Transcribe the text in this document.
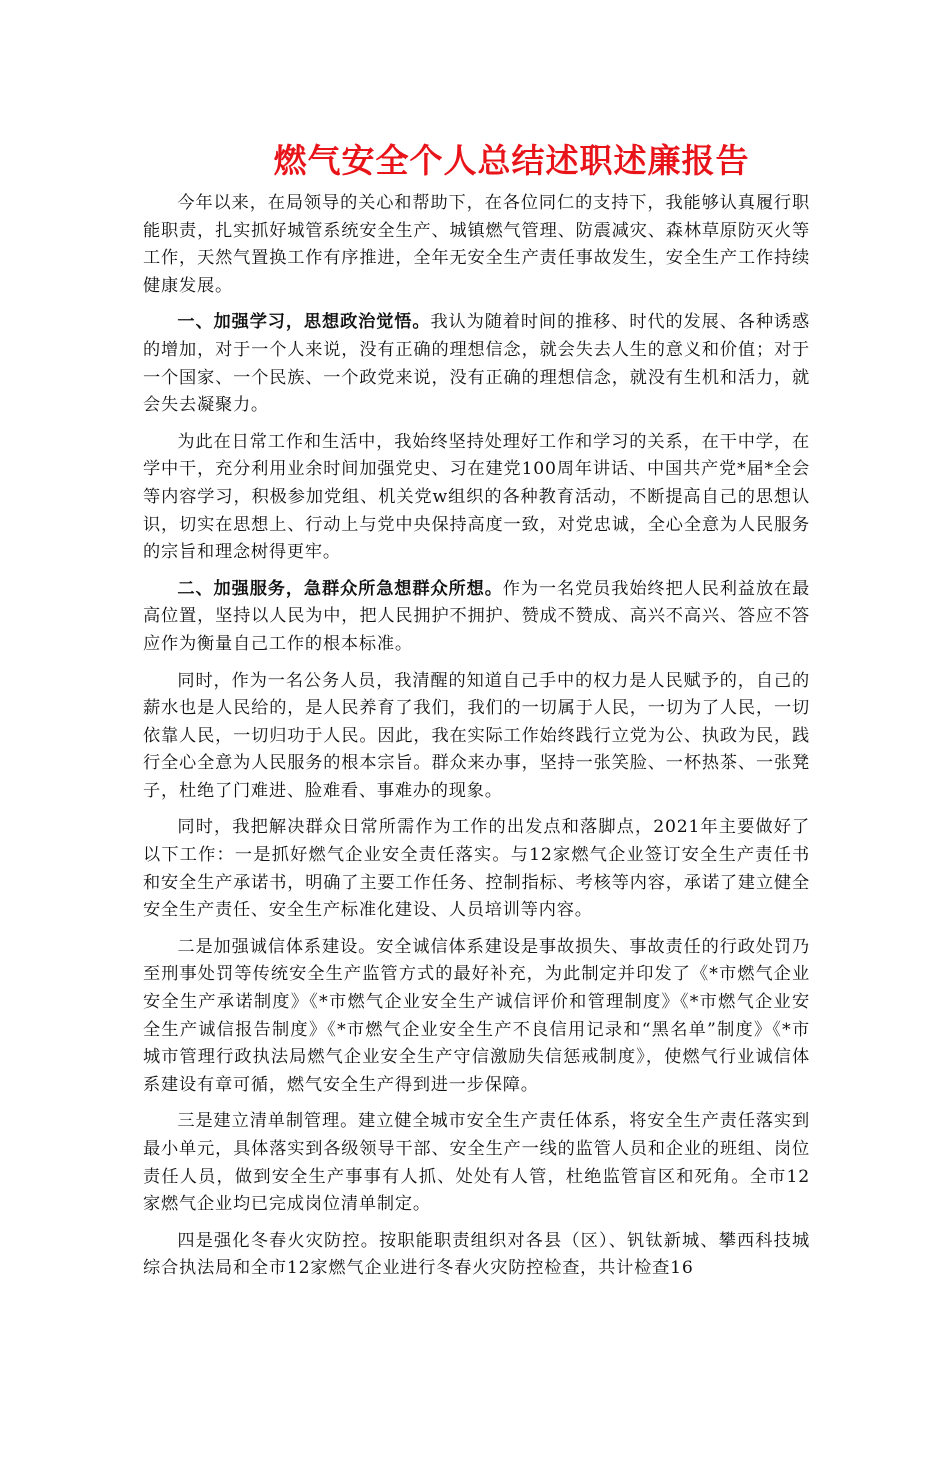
燃气安全个人总结述职述廉报告

今年以来，在局领导的关心和帮助下，在各位同仁的支持下，我能够认真履行职能职责，扎实抓好城管系统安全生产、城镇燃气管理、防震减灾、森林草原防灭火等工作，天然气置换工作有序推进，全年无安全生产责任事故发生，安全生产工作持续健康发展。

一、加强学习，思想政治觉悟。我认为随着时间的推移、时代的发展、各种诱惑的增加，对于一个人来说，没有正确的理想信念，就会失去人生的意义和价值；对于一个国家、一个民族、一个政党来说，没有正确的理想信念，就没有生机和活力，就会失去凝聚力。

为此在日常工作和生活中，我始终坚持处理好工作和学习的关系，在干中学，在学中干，充分利用业余时间加强党史、习在建党100周年讲话、中国共产党*届*全会等内容学习，积极参加党组、机关党w组织的各种教育活动，不断提高自己的思想认识，切实在思想上、行动上与党中央保持高度一致，对党忠诚，全心全意为人民服务的宗旨和理念树得更牢。

二、加强服务，急群众所急想群众所想。作为一名党员我始终把人民利益放在最高位置，坚持以人民为中，把人民拥护不拥护、赞成不赞成、高兴不高兴、答应不答应作为衡量自己工作的根本标准。

同时，作为一名公务人员，我清醒的知道自己手中的权力是人民赋予的，自己的薪水也是人民给的，是人民养育了我们，我们的一切属于人民，一切为了人民，一切依靠人民，一切归功于人民。因此，我在实际工作始终践行立党为公、执政为民，践行全心全意为人民服务的根本宗旨。群众来办事，坚持一张笑脸、一杯热茶、一张凳子，杜绝了门难进、脸难看、事难办的现象。

同时，我把解决群众日常所需作为工作的出发点和落脚点，2021年主要做好了以下工作：一是抓好燃气企业安全责任落实。与12家燃气企业签订安全生产责任书和安全生产承诺书，明确了主要工作任务、控制指标、考核等内容，承诺了建立健全安全生产责任、安全生产标准化建设、人员培训等内容。

二是加强诚信体系建设。安全诚信体系建设是事故损失、事故责任的行政处罚乃至刑事处罚等传统安全生产监管方式的最好补充，为此制定并印发了《*市燃气企业安全生产承诺制度》《*市燃气企业安全生产诚信评价和管理制度》《*市燃气企业安全生产诚信报告制度》《*市燃气企业安全生产不良信用记录和“黑名单”制度》《*市城市管理行政执法局燃气企业安全生产守信激励失信惩戒制度》，使燃气行业诚信体系建设有章可循，燃气安全生产得到进一步保障。

三是建立清单制管理。建立健全城市安全生产责任体系，将安全生产责任落实到最小单元，具体落实到各级领导干部、安全生产一线的监管人员和企业的班组、岗位责任人员，做到安全生产事事有人抓、处处有人管，杜绝监管盲区和死角。全市12家燃气企业均已完成岗位清单制定。

四是强化冬春火灾防控。按职能职责组织对各县（区）、钒钛新城、攀西科技城综合执法局和全市12家燃气企业进行冬春火灾防控检查，共计检查16
